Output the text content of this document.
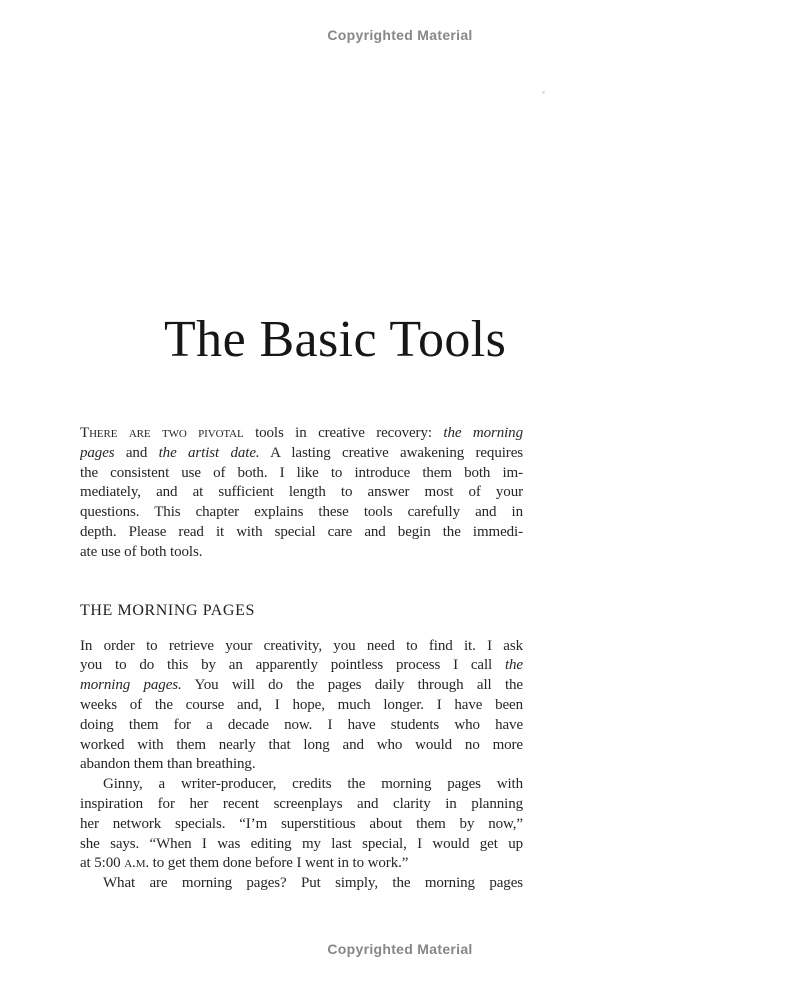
Copyrighted Material
The Basic Tools
There are two pivotal tools in creative recovery: the morning
pages and the artist date. A lasting creative awakening requires
the consistent use of both. I like to introduce them both im-
mediately, and at sufficient length to answer most of your
questions. This chapter explains these tools carefully and in
depth. Please read it with special care and begin the immedi-
ate use of both tools.
THE MORNING PAGES
In order to retrieve your creativity, you need to find it. I ask
you to do this by an apparently pointless process I call the
morning pages. You will do the pages daily through all the
weeks of the course and, I hope, much longer. I have been
doing them for a decade now. I have students who have
worked with them nearly that long and who would no more
abandon them than breathing.
Ginny, a writer-producer, credits the morning pages with
inspiration for her recent screenplays and clarity in planning
her network specials. “I’m superstitious about them by now,”
she says. “When I was editing my last special, I would get up
at 5:00 a.m. to get them done before I went in to work.”
What are morning pages? Put simply, the morning pages
Copyrighted Material
